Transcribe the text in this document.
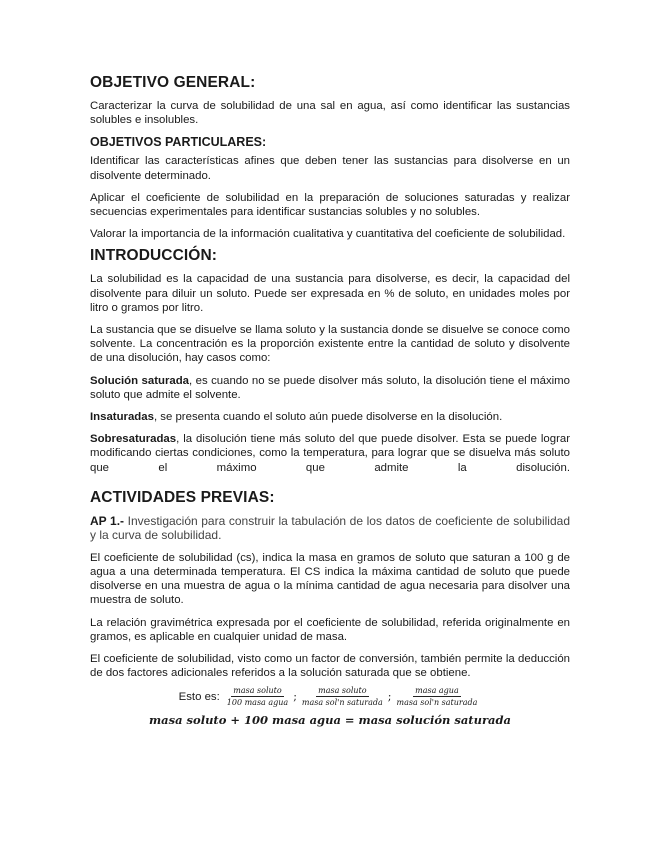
OBJETIVO GENERAL:

Caracterizar la curva de solubilidad de una sal en agua, así como identificar las sustancias solubles e insolubles.

OBJETIVOS PARTICULARES:

Identificar las características afines que deben tener las sustancias para disolverse en un disolvente determinado.

Aplicar el coeficiente de solubilidad en la preparación de soluciones saturadas y realizar secuencias experimentales para identificar sustancias solubles y no solubles.

Valorar la importancia de la información cualitativa y cuantitativa del coeficiente de solubilidad.

INTRODUCCIÓN:

La solubilidad es la capacidad de una sustancia para disolverse, es decir, la capacidad del disolvente para diluir un soluto. Puede ser expresada en % de soluto, en unidades moles por litro o gramos por litro.

La sustancia que se disuelve se llama soluto y la sustancia donde se disuelve se conoce como solvente. La concentración es la proporción existente entre la cantidad de soluto y disolvente de una disolución, hay casos como:

Solución saturada, es cuando no se puede disolver más soluto, la disolución tiene el máximo soluto que admite el solvente.

Insaturadas, se presenta cuando el soluto aún puede disolverse en la disolución.

Sobresaturadas, la disolución tiene más soluto del que puede disolver. Esta se puede lograr modificando ciertas condiciones, como la temperatura, para lograr que se disuelva más soluto que el máximo que admite la disolución.

ACTIVIDADES PREVIAS:

AP 1.- Investigación para construir la tabulación de los datos de coeficiente de solubilidad y la curva de solubilidad.

El coeficiente de solubilidad (cs), indica la masa en gramos de soluto que saturan a 100 g de agua a una determinada temperatura. El CS indica la máxima cantidad de soluto que puede disolverse en una muestra de agua o la mínima cantidad de agua necesaria para disolver una muestra de soluto.

La relación gravimétrica expresada por el coeficiente de solubilidad, referida originalmente en gramos, es aplicable en cualquier unidad de masa.

El coeficiente de solubilidad, visto como un factor de conversión, también permite la deducción de dos factores adicionales referidos a la solución saturada que se obtiene.

Esto es: $\frac{\text{masa soluto}}{\text{100 masa agua}}$ ; $\frac{\text{masa soluto}}{\text{masa sol'n saturada}}$ ; $\frac{\text{masa agua}}{\text{masa sol'n saturada}}$
masa soluto + 100 masa agua = masa solución saturada
